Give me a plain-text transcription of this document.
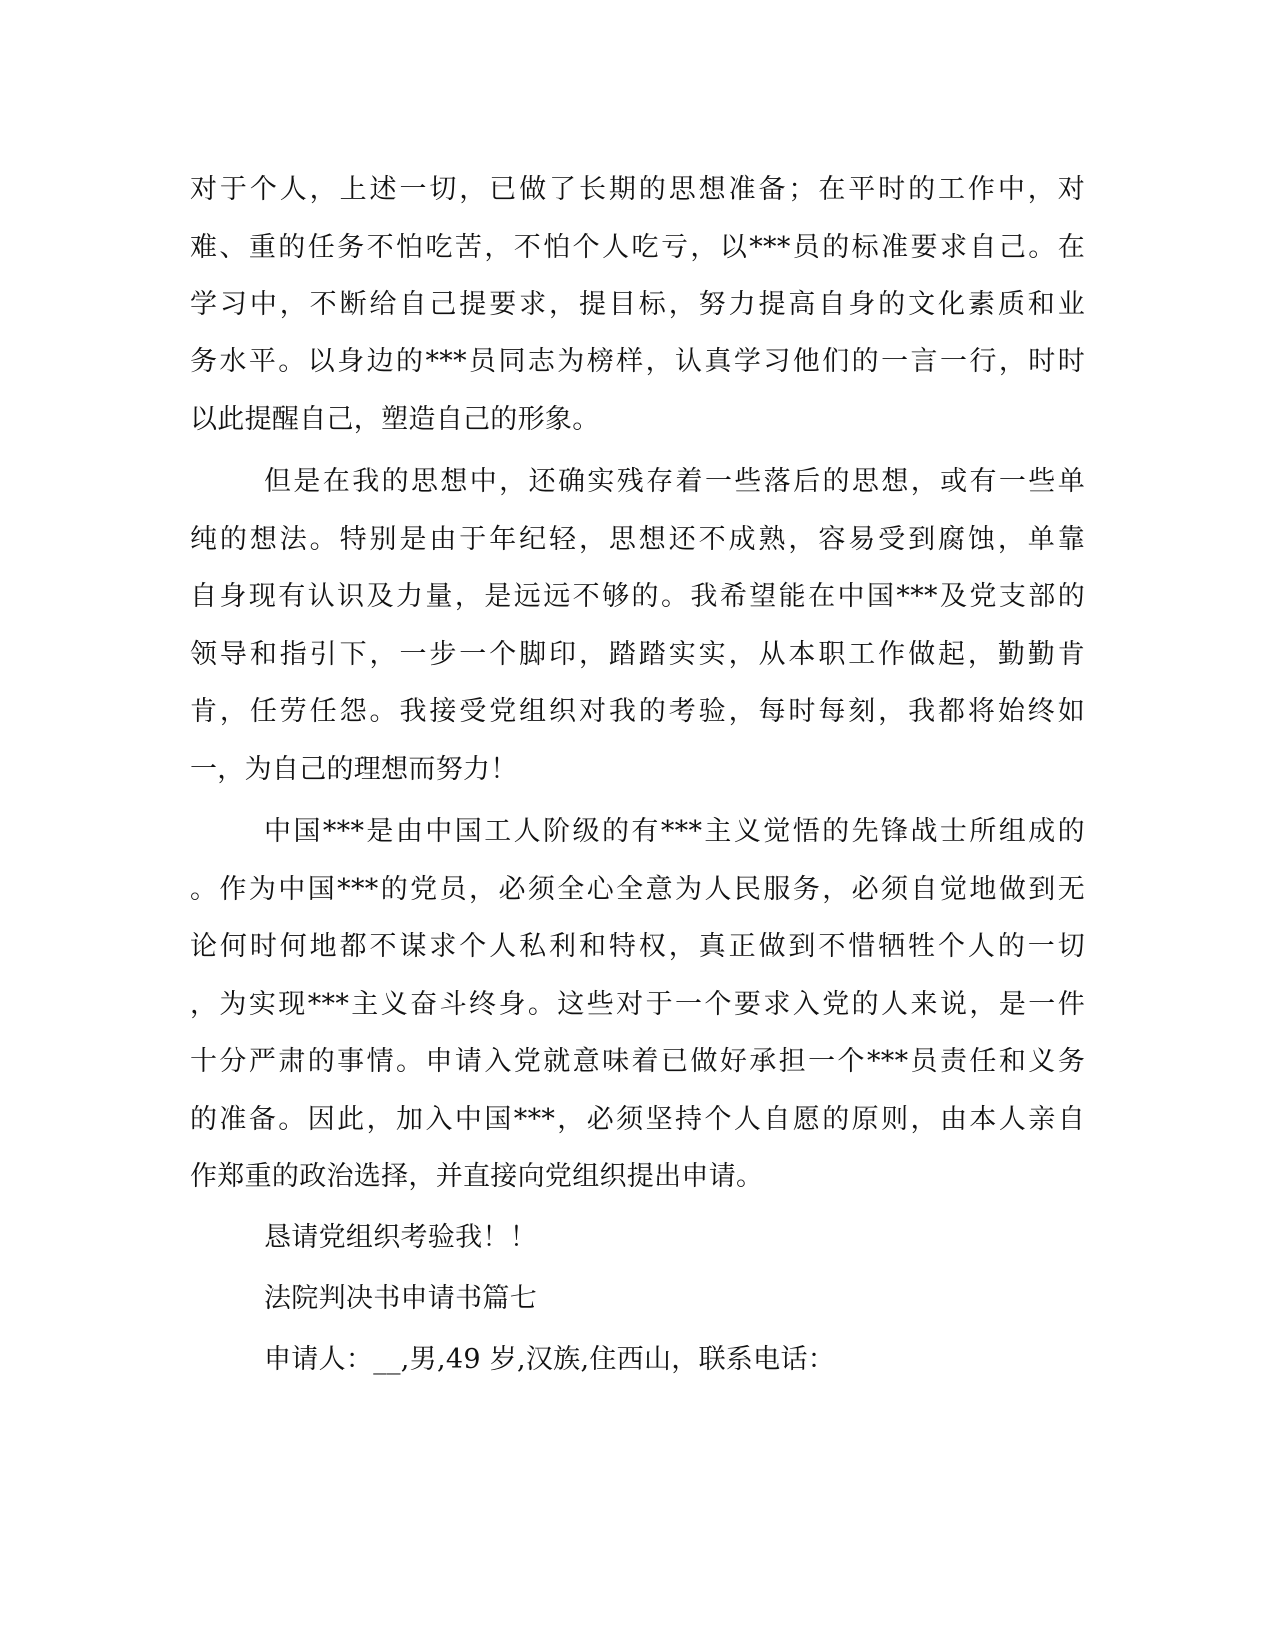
对于个人，上述一切，已做了长期的思想准备；在平时的工作中，对
难、重的任务不怕吃苦，不怕个人吃亏，以***员的标准要求自己。在
学习中，不断给自己提要求，提目标，努力提高自身的文化素质和业
务水平。以身边的***员同志为榜样，认真学习他们的一言一行，时时
以此提醒自己，塑造自己的形象。
但是在我的思想中，还确实残存着一些落后的思想，或有一些单
纯的想法。特别是由于年纪轻，思想还不成熟，容易受到腐蚀，单靠
自身现有认识及力量，是远远不够的。我希望能在中国***及党支部的
领导和指引下，一步一个脚印，踏踏实实，从本职工作做起，勤勤肯
肯，任劳任怨。我接受党组织对我的考验，每时每刻，我都将始终如
一，为自己的理想而努力！
中国***是由中国工人阶级的有***主义觉悟的先锋战士所组成的
。作为中国***的党员，必须全心全意为人民服务，必须自觉地做到无
论何时何地都不谋求个人私利和特权，真正做到不惜牺牲个人的一切
，为实现***主义奋斗终身。这些对于一个要求入党的人来说，是一件
十分严肃的事情。申请入党就意味着已做好承担一个***员责任和义务
的准备。因此，加入中国***，必须坚持个人自愿的原则，由本人亲自
作郑重的政治选择，并直接向党组织提出申请。
恳请党组织考验我！！
法院判决书申请书篇七
申请人：__,男,49 岁,汉族,住西山，联系电话：
